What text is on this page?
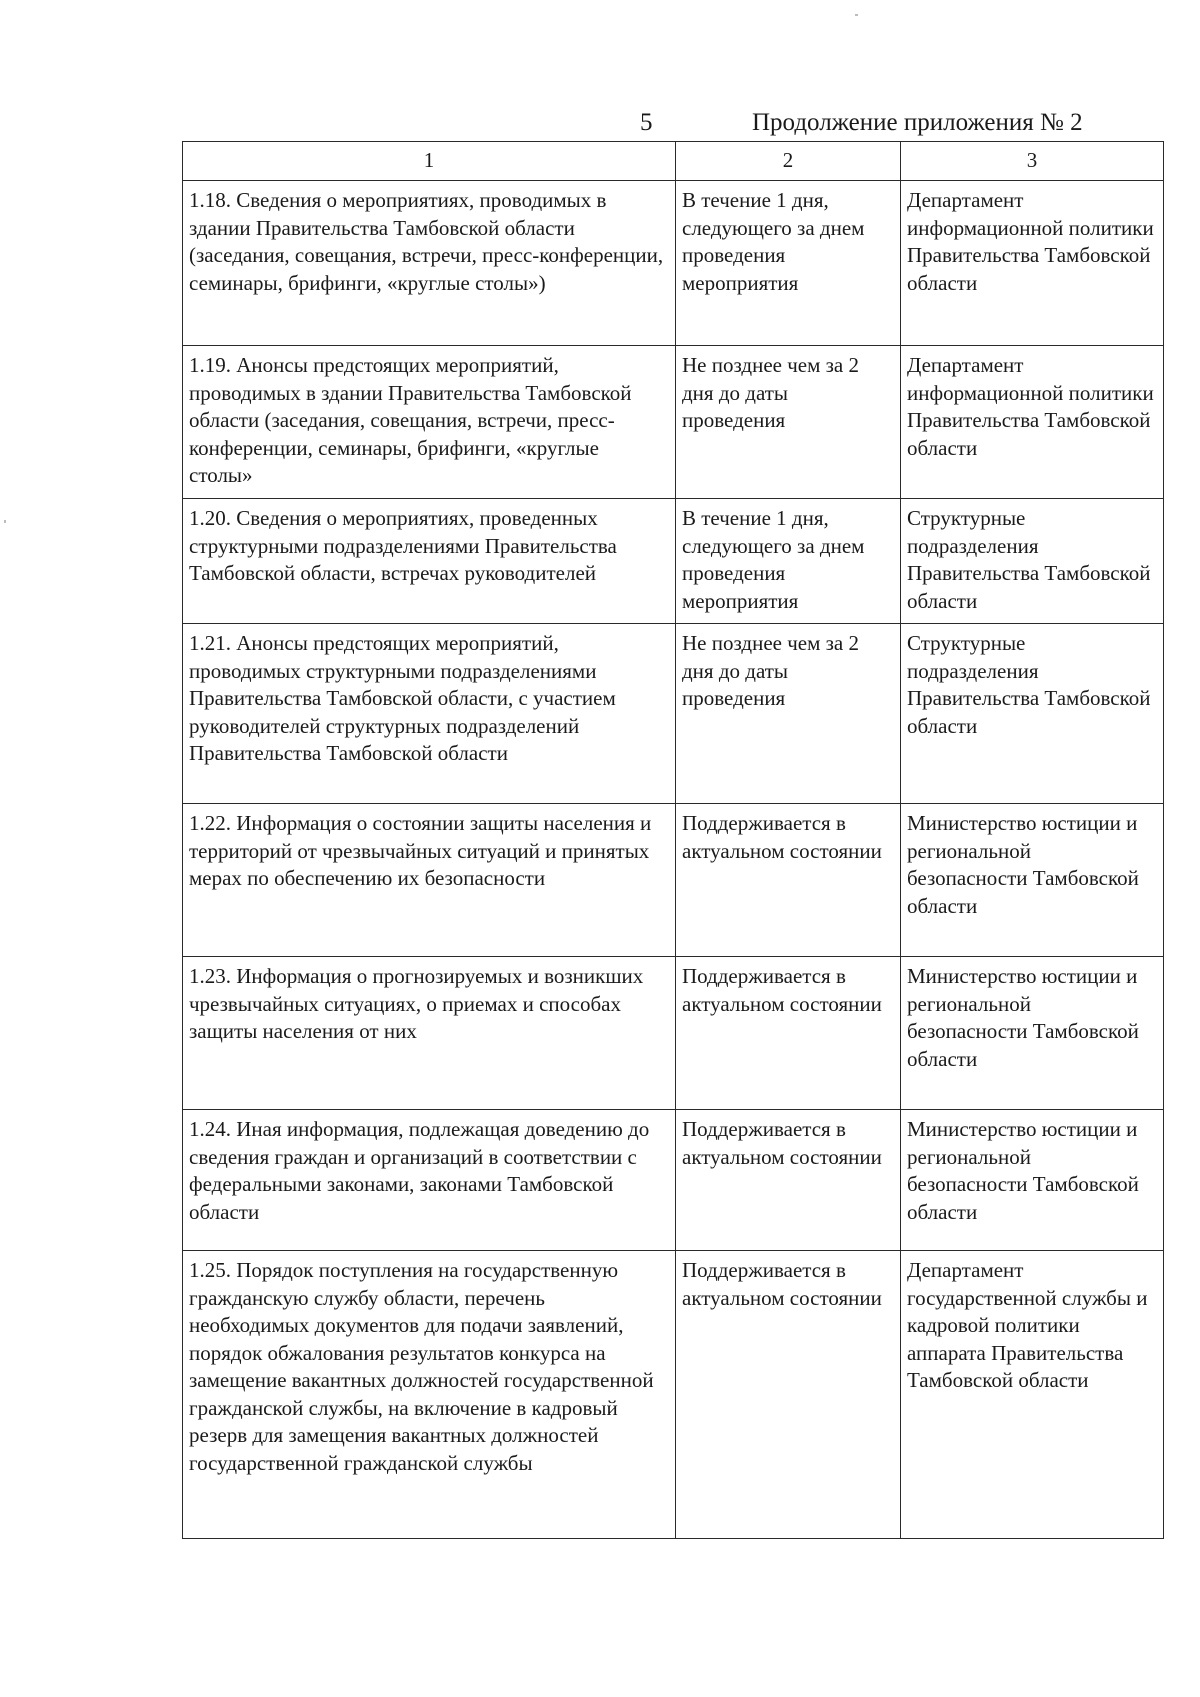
5	Продолжение приложения № 2
1	2	3
1.18. Сведения о мероприятиях, проводимых в здании Правительства Тамбовской области (заседания, совещания, встречи, пресс-конференции, семинары, брифинги, «круглые столы»)	В течение 1 дня, следующего за днем проведения мероприятия	Департамент информационной политики Правительства Тамбовской области
1.19. Анонсы предстоящих мероприятий, проводимых в здании Правительства Тамбовской области (заседания, совещания, встречи, пресс-конференции, семинары, брифинги, «круглые столы»	Не позднее чем за 2 дня до даты проведения	Департамент информационной политики Правительства Тамбовской области
1.20. Сведения о мероприятиях, проведенных структурными подразделениями Правительства Тамбовской области, встречах руководителей	В течение 1 дня, следующего за днем проведения мероприятия	Структурные подразделения Правительства Тамбовской области
1.21. Анонсы предстоящих мероприятий, проводимых структурными подразделениями Правительства Тамбовской области, с участием руководителей структурных подразделений Правительства Тамбовской области	Не позднее чем за 2 дня до даты проведения	Структурные подразделения Правительства Тамбовской области
1.22. Информация о состоянии защиты населения и территорий от чрезвычайных ситуаций и принятых мерах по обеспечению их безопасности	Поддерживается в актуальном состоянии	Министерство юстиции и региональной безопасности Тамбовской области
1.23. Информация о прогнозируемых и возникших чрезвычайных ситуациях, о приемах и способах защиты населения от них	Поддерживается в актуальном состоянии	Министерство юстиции и региональной безопасности Тамбовской области
1.24. Иная информация, подлежащая доведению до сведения граждан и организаций в соответствии с федеральными законами, законами Тамбовской области	Поддерживается в актуальном состоянии	Министерство юстиции и региональной безопасности Тамбовской области
1.25. Порядок поступления на государственную гражданскую службу области, перечень необходимых документов для подачи заявлений, порядок обжалования результатов конкурса на замещение вакантных должностей государственной гражданской службы, на включение в кадровый резерв для замещения вакантных должностей государственной гражданской службы	Поддерживается в актуальном состоянии	Департамент государственной службы и кадровой политики аппарата Правительства Тамбовской области
